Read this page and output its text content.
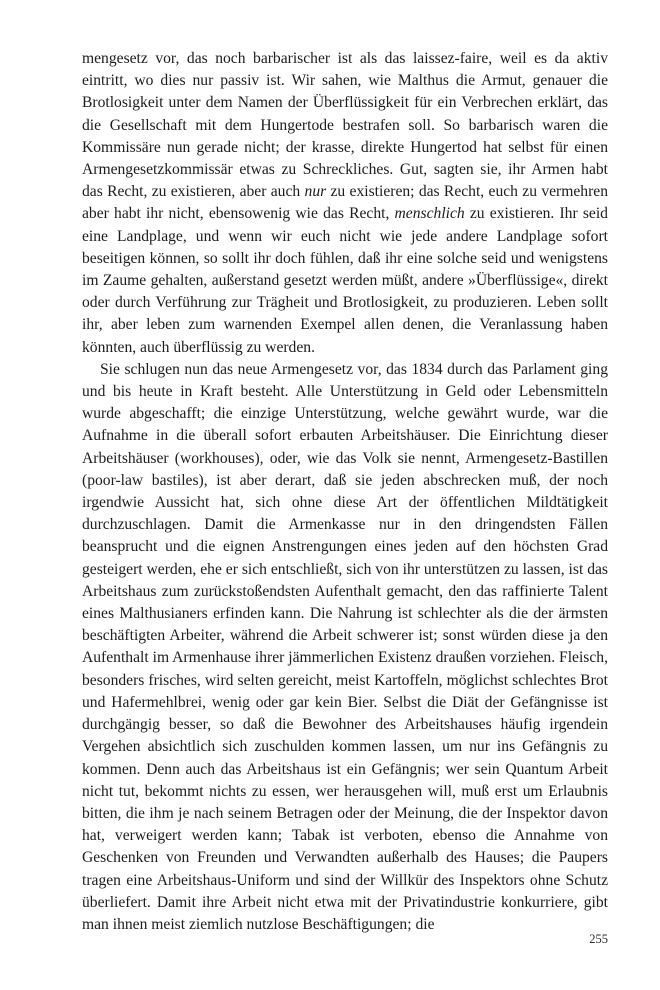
mengesetz vor, das noch barbarischer ist als das laissez-faire, weil es da aktiv eintritt, wo dies nur passiv ist. Wir sahen, wie Malthus die Armut, genauer die Brotlosigkeit unter dem Namen der Überflüssigkeit für ein Verbrechen erklärt, das die Gesellschaft mit dem Hungertode bestrafen soll. So barbarisch waren die Kommissäre nun gerade nicht; der krasse, direkte Hungertod hat selbst für einen Armengesetzkommissär etwas zu Schreckliches. Gut, sagten sie, ihr Armen habt das Recht, zu existieren, aber auch nur zu existieren; das Recht, euch zu vermehren aber habt ihr nicht, ebensowenig wie das Recht, menschlich zu existieren. Ihr seid eine Landplage, und wenn wir euch nicht wie jede andere Landplage sofort beseitigen können, so sollt ihr doch fühlen, daß ihr eine solche seid und wenigstens im Zaume gehalten, außerstand gesetzt werden müßt, andere »Überflüssige«, direkt oder durch Verführung zur Trägheit und Brotlosigkeit, zu produzieren. Leben sollt ihr, aber leben zum warnenden Exempel allen denen, die Veranlassung haben könnten, auch überflüssig zu werden.

Sie schlugen nun das neue Armengesetz vor, das 1834 durch das Parlament ging und bis heute in Kraft besteht. Alle Unterstützung in Geld oder Lebensmitteln wurde abgeschafft; die einzige Unterstützung, welche gewährt wurde, war die Aufnahme in die überall sofort erbauten Arbeitshäuser. Die Einrichtung dieser Arbeitshäuser (workhouses), oder, wie das Volk sie nennt, Armengesetz-Bastillen (poor-law bastiles), ist aber derart, daß sie jeden abschrecken muß, der noch irgendwie Aussicht hat, sich ohne diese Art der öffentlichen Mildtätigkeit durchzuschlagen. Damit die Armenkasse nur in den dringendsten Fällen beansprucht und die eignen Anstrengungen eines jeden auf den höchsten Grad gesteigert werden, ehe er sich entschließt, sich von ihr unterstützen zu lassen, ist das Arbeitshaus zum zurückstoßendsten Aufenthalt gemacht, den das raffinierte Talent eines Malthusianers erfinden kann. Die Nahrung ist schlechter als die der ärmsten beschäftigten Arbeiter, während die Arbeit schwerer ist; sonst würden diese ja den Aufenthalt im Armenhause ihrer jämmerlichen Existenz draußen vorziehen. Fleisch, besonders frisches, wird selten gereicht, meist Kartoffeln, möglichst schlechtes Brot und Hafermehlbrei, wenig oder gar kein Bier. Selbst die Diät der Gefängnisse ist durchgängig besser, so daß die Bewohner des Arbeitshauses häufig irgendein Vergehen absichtlich sich zuschulden kommen lassen, um nur ins Gefängnis zu kommen. Denn auch das Arbeitshaus ist ein Gefängnis; wer sein Quantum Arbeit nicht tut, bekommt nichts zu essen, wer herausgehen will, muß erst um Erlaubnis bitten, die ihm je nach seinem Betragen oder der Meinung, die der Inspektor davon hat, verweigert werden kann; Tabak ist verboten, ebenso die Annahme von Geschenken von Freunden und Verwandten außerhalb des Hauses; die Paupers tragen eine Arbeitshaus-Uniform und sind der Willkür des Inspektors ohne Schutz überliefert. Damit ihre Arbeit nicht etwa mit der Privatindustrie konkurriere, gibt man ihnen meist ziemlich nutzlose Beschäftigungen; die

255
